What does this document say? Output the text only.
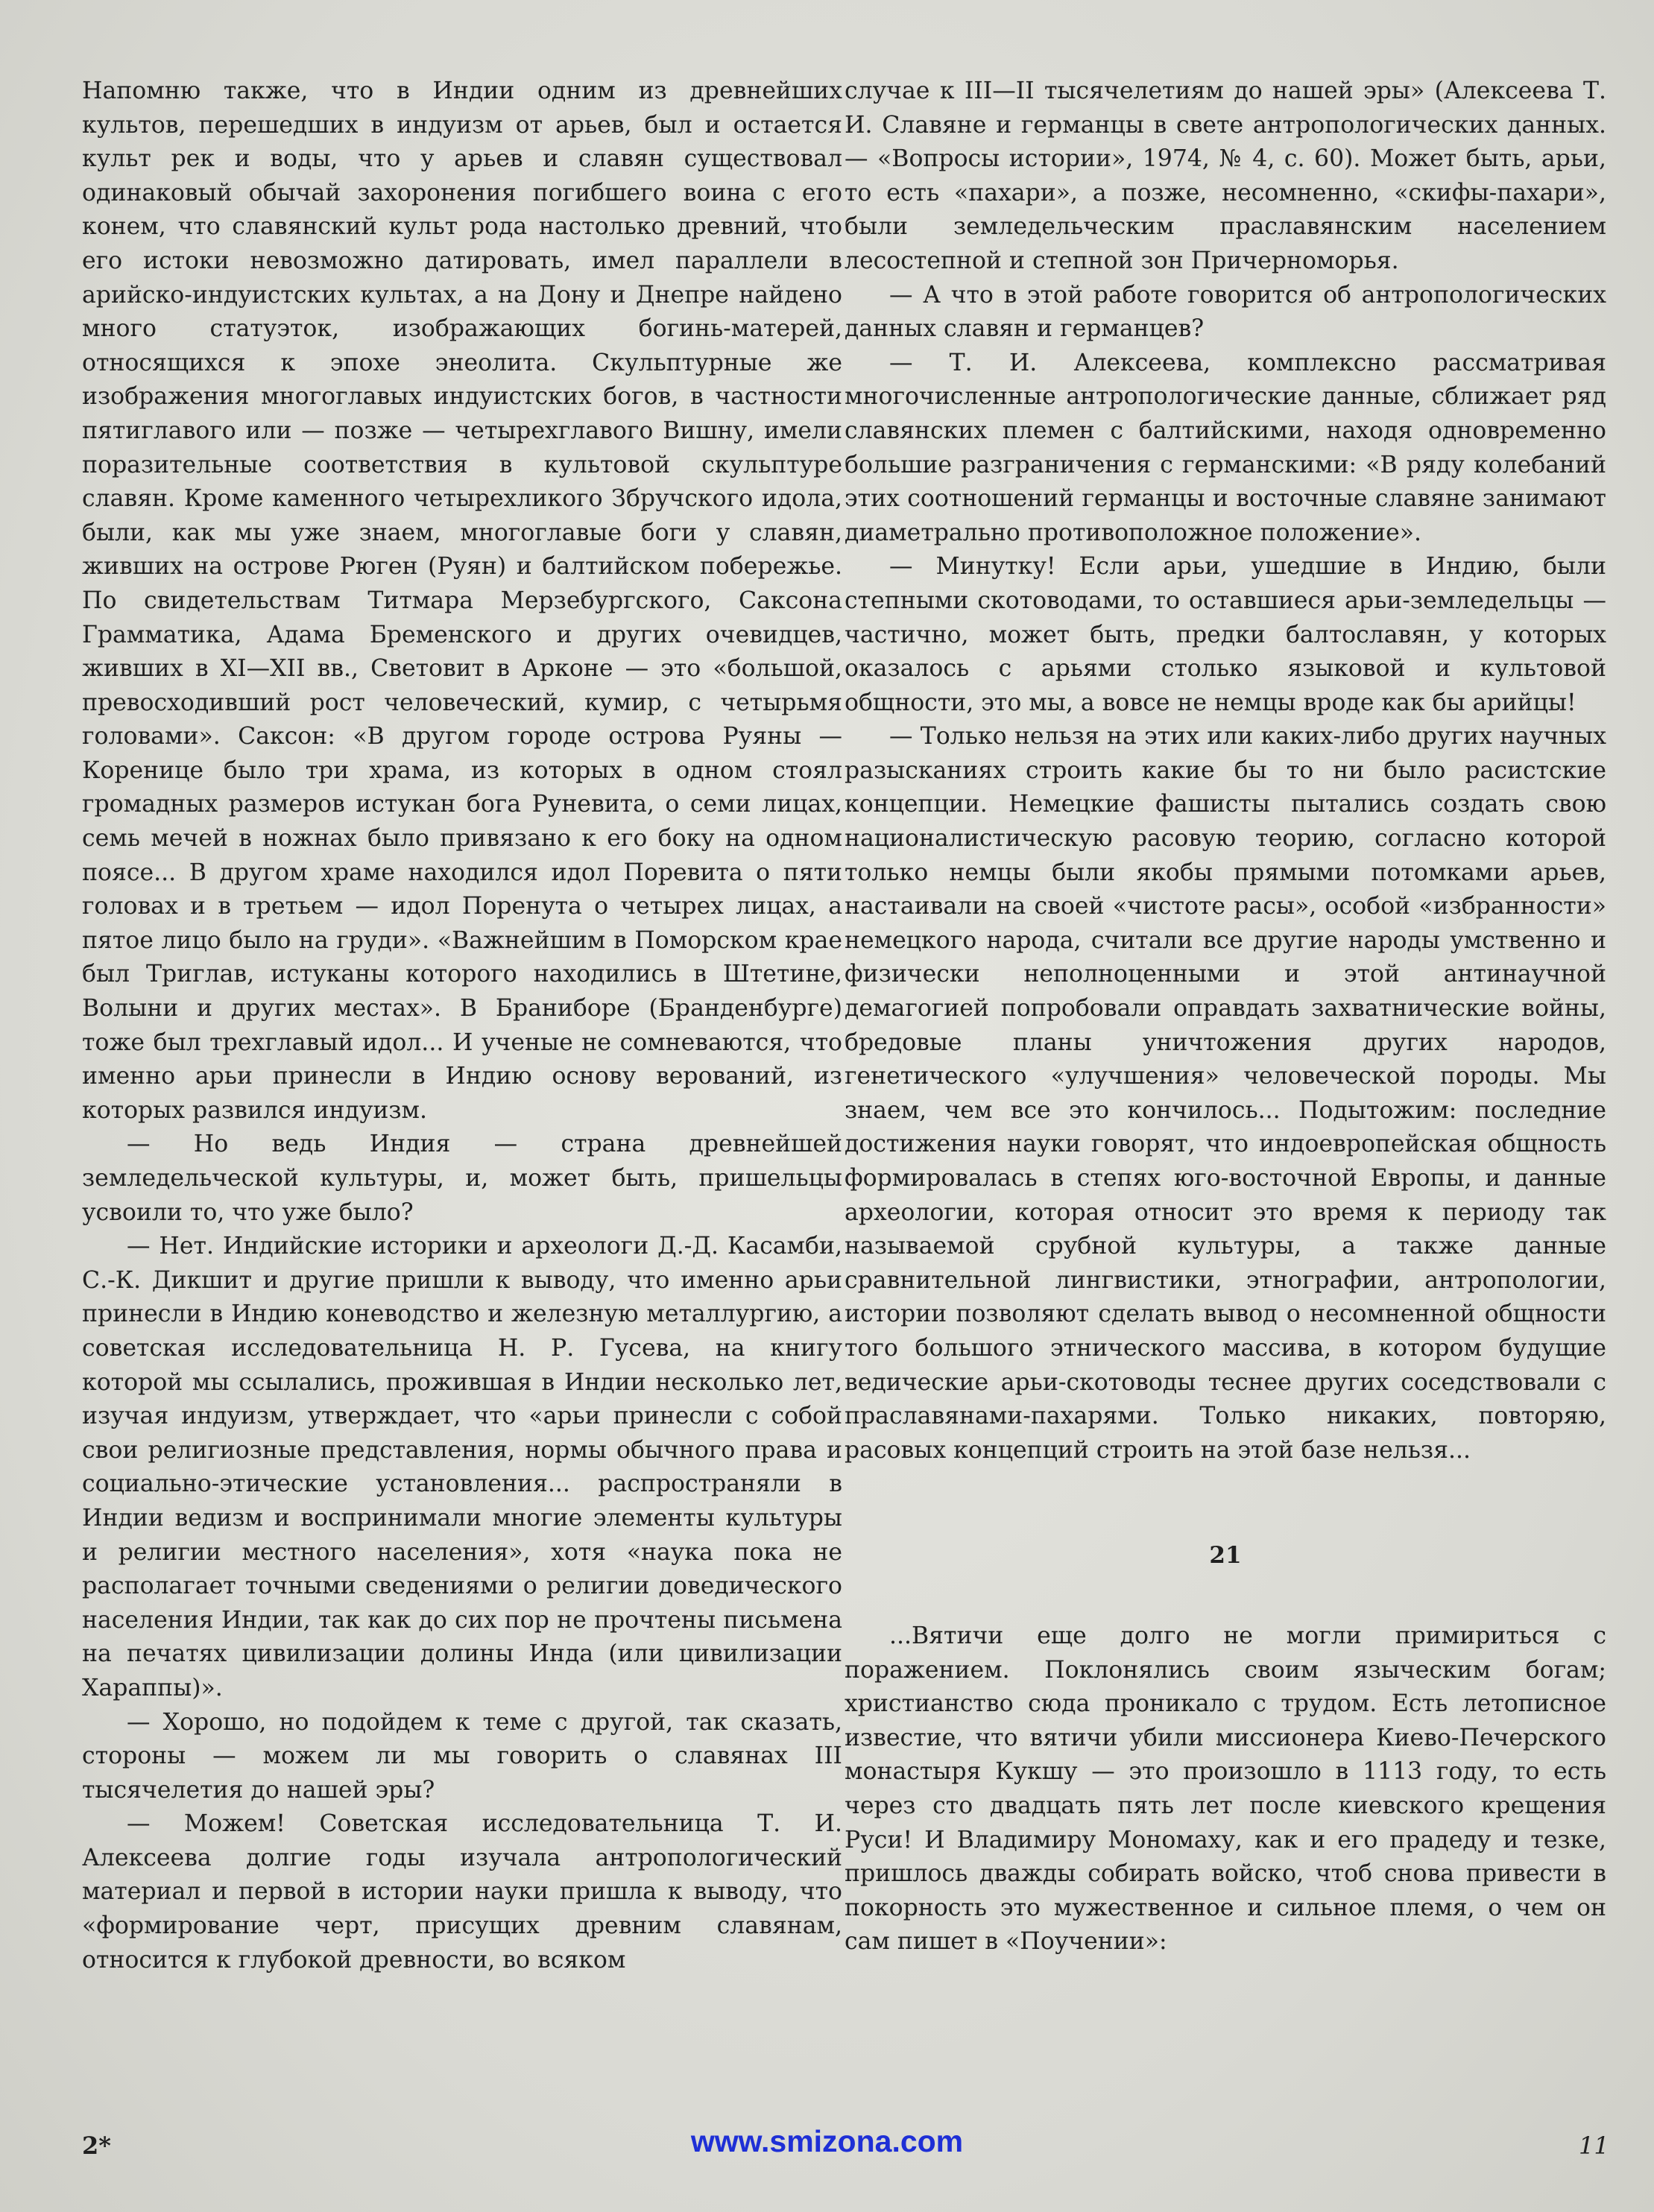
Напомню также, что в Индии одним из древнейших культов, перешедших в индуизм от арьев, был и остается культ рек и воды, что у арьев и славян существовал одинаковый обычай захоронения погибшего воина с его конем, что славянский культ рода настолько древний, что его истоки невозможно датировать, имел параллели в арийско-индуистских культах, а на Дону и Днепре найдено много статуэток, изображающих богинь-матерей, относящихся к эпохе энеолита. Скульптурные же изображения многоглавых индуистских богов, в частности пятиглавого или — позже — четырехглавого Вишну, имели поразительные соответствия в культовой скульптуре славян. Кроме каменного четырехликого Збручского идола, были, как мы уже знаем, многоглавые боги у славян, живших на острове Рюген (Руян) и балтийском побережье. По свидетельствам Титмара Мерзебургского, Саксона Грамматика, Адама Бременского и других очевидцев, живших в XI—XII вв., Световит в Арконе — это «большой, превосходивший рост человеческий, кумир, с четырьмя головами». Саксон: «В другом городе острова Руяны — Коренице было три храма, из которых в одном стоял громадных размеров истукан бога Руневита, о семи лицах, семь мечей в ножнах было привязано к его боку на одном поясе... В другом храме находился идол Поревита о пяти головах и в третьем — идол Поренута о четырех лицах, а пятое лицо было на груди». «Важнейшим в Поморском крае был Триглав, истуканы которого находились в Штетине, Волыни и других местах». В Бранибope (Бранденбурге) тоже был трехглавый идол... И ученые не сомневаются, что именно арьи принесли в Индию основу верований, из которых развился индуизм.

— Но ведь Индия — страна древнейшей земледельческой культуры, и, может быть, пришельцы усвоили то, что уже было?

— Нет. Индийские историки и археологи Д.-Д. Касамби, С.-К. Дикшит и другие пришли к выводу, что именно арьи принесли в Индию коневодство и железную металлургию, а советская исследовательница Н. Р. Гусева, на книгу которой мы ссылались, прожившая в Индии несколько лет, изучая индуизм, утверждает, что «арьи принесли с собой свои религиозные представления, нормы обычного права и социально-этические установления... распространяли в Индии ведизм и воспринимали многие элементы культуры и религии местного населения», хотя «наука пока не располагает точными сведениями о религии доведического населения Индии, так как до сих пор не прочтены письмена на печатях цивилизации долины Инда (или цивилизации Хараппы)».

— Хорошо, но подойдем к теме с другой, так сказать, стороны — можем ли мы говорить о славянах III тысячелетия до нашей эры?

— Можем! Советская исследовательница Т. И. Алексеева долгие годы изучала антропологический материал и первой в истории науки пришла к выводу, что «формирование черт, присущих древним славянам, относится к глубокой древности, во всяком

случае к III—II тысячелетиям до нашей эры» (Алексеева Т. И. Славяне и германцы в свете антропологических данных. — «Вопросы истории», 1974, № 4, с. 60). Может быть, арьи, то есть «пахари», а позже, несомненно, «скифы-пахари», были земледельческим праславянским населением лесостепной и степной зон Причерноморья.

— А что в этой работе говорится об антропологических данных славян и германцев?

— Т. И. Алексеева, комплексно рассматривая многочисленные антропологические данные, сближает ряд славянских племен с балтийскими, находя одновременно большие разграничения с германскими: «В ряду колебаний этих соотношений германцы и восточные славяне занимают диаметрально противоположное положение».

— Минутку! Если арьи, ушедшие в Индию, были степными скотоводами, то оставшиеся арьи-земледельцы — частично, может быть, предки балтославян, у которых оказалось с арьями столько языковой и культовой общности, это мы, а вовсе не немцы вроде как бы арийцы!

— Только нельзя на этих или каких-либо других научных разысканиях строить какие бы то ни было расистские концепции. Немецкие фашисты пытались создать свою националистическую расовую теорию, согласно которой только немцы были якобы прямыми потомками арьев, настаивали на своей «чистоте расы», особой «избранности» немецкого народа, считали все другие народы умственно и физически неполноценными и этой антинаучной демагогией попробовали оправдать захватнические войны, бредовые планы уничтожения других народов, генетического «улучшения» человеческой породы. Мы знаем, чем все это кончилось... Подытожим: последние достижения науки говорят, что индоевропейская общность формировалась в степях юго-восточной Европы, и данные археологии, которая относит это время к периоду так называемой срубной культуры, а также данные сравнительной лингвистики, этнографии, антропологии, истории позволяют сделать вывод о несомненной общности того большого этнического массива, в котором будущие ведические арьи-скотоводы теснее других соседствовали с праславянами-пахарями. Только никаких, повторяю, расовых концепций строить на этой базе нельзя...

21

...Вятичи еще долго не могли примириться с поражением. Поклонялись своим языческим богам; христианство сюда проникало с трудом. Есть летописное известие, что вятичи убили миссионера Киево-Печерского монастыря Кукшу — это произошло в 1113 году, то есть через сто двадцать пять лет после киевского крещения Руси! И Владимиру Мономаху, как и его прадеду и тезке, пришлось дважды собирать войско, чтоб снова привести в покорность это мужественное и сильное племя, о чем он сам пишет в «Поучении»:

2*	www.smizona.com	11
